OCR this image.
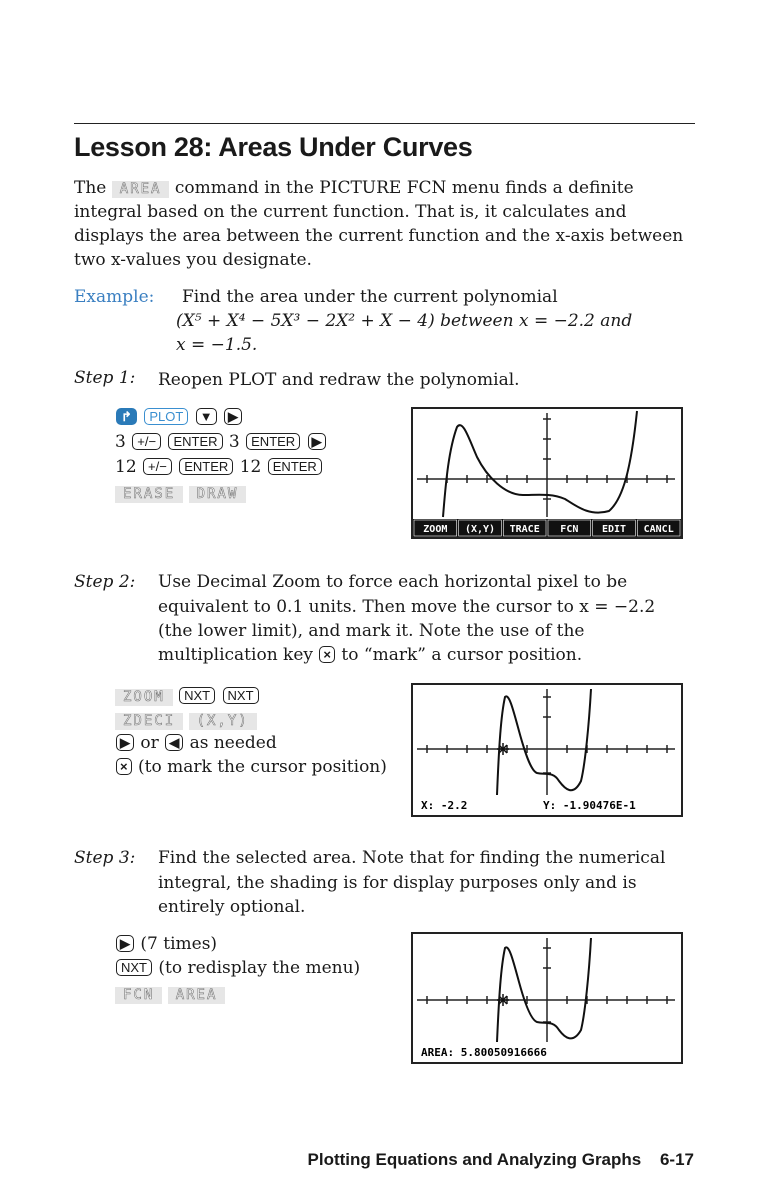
Lesson 28: Areas Under Curves
The AREA command in the PICTURE FCN menu finds a definite integral based on the current function. That is, it calculates and displays the area between the current function and the x-axis between two x-values you designate.
Example: Find the area under the current polynomial
(X⁵ + X⁴ − 5X³ − 2X² + X − 4) between x = −2.2 and
x = −1.5.
Step 1: Reopen PLOT and redraw the polynomial.
↱ PLOT ▼ ▶
3 +/− ENTER 3 ENTER ▶
12 +/− ENTER 12 ENTER
ERASE DRAW
ZOOM (X,Y) TRACE FCN EDIT CANCL
Step 2: Use Decimal Zoom to force each horizontal pixel to be
equivalent to 0.1 units. Then move the cursor to x = −2.2
(the lower limit), and mark it. Note the use of the
multiplication key × to “mark” a cursor position.
ZOOM NXT NXT
ZDECI (X,Y)
▶ or ◀ as needed
× (to mark the cursor position)
X: -2.2	Y: -1.90476E-1
Step 3: Find the selected area. Note that for finding the numerical
integral, the shading is for display purposes only and is
entirely optional.
▶ (7 times)
NXT (to redisplay the menu)
FCN AREA
AREA: 5.80050916666
Plotting Equations and Analyzing Graphs 6-17
